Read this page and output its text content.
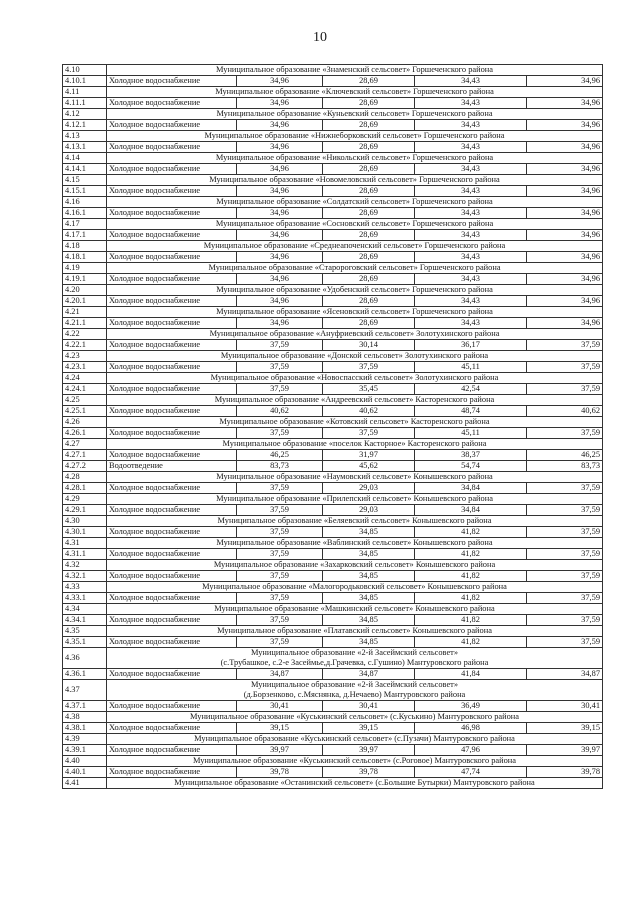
10
4.10	Муниципальное образование «Знаменский сельсовет» Горшеченского района				
4.10.1	Холодное водоснабжение	34,96	28,69	34,43	34,96
4.11	Муниципальное образование «Ключевский сельсовет» Горшеченского района				
4.11.1	Холодное водоснабжение	34,96	28,69	34,43	34,96
4.12	Муниципальное образование «Куньевский сельсовет» Горшеченского района				
4.12.1	Холодное водоснабжение	34,96	28,69	34,43	34,96
4.13	Муниципальное образование «Нижнеборковский сельсовет» Горшеченского района				
4.13.1	Холодное водоснабжение	34,96	28,69	34,43	34,96
4.14	Муниципальное образование «Никольский сельсовет» Горшеченского района				
4.14.1	Холодное водоснабжение	34,96	28,69	34,43	34,96
4.15	Муниципальное образование «Новомеловский сельсовет» Горшеченского района				
4.15.1	Холодное водоснабжение	34,96	28,69	34,43	34,96
4.16	Муниципальное образование «Солдатский сельсовет» Горшеченского района				
4.16.1	Холодное водоснабжение	34,96	28,69	34,43	34,96
4.17	Муниципальное образование «Сосновский сельсовет» Горшеченского района				
4.17.1	Холодное водоснабжение	34,96	28,69	34,43	34,96
4.18	Муниципальное образование «Среднеапоченский сельсовет» Горшеченского района				
4.18.1	Холодное водоснабжение	34,96	28,69	34,43	34,96
4.19	Муниципальное образование «Старороговский сельсовет» Горшеченского района				
4.19.1	Холодное водоснабжение	34,96	28,69	34,43	34,96
4.20	Муниципальное образование «Удобенский сельсовет» Горшеченского района				
4.20.1	Холодное водоснабжение	34,96	28,69	34,43	34,96
4.21	Муниципальное образование «Ясеновский сельсовет» Горшеченского района				
4.21.1	Холодное водоснабжение	34,96	28,69	34,43	34,96
4.22	Муниципальное образование «Ануфриевский сельсовет» Золотухинского района				
4.22.1	Холодное водоснабжение	37,59	30,14	36,17	37,59
4.23	Муниципальное образование «Донской сельсовет» Золотухинского района				
4.23.1	Холодное водоснабжение	37,59	37,59	45,11	37,59
4.24	Муниципальное образование «Новоспасский сельсовет» Золотухинского района				
4.24.1	Холодное водоснабжение	37,59	35,45	42,54	37,59
4.25	Муниципальное образование «Андреевский сельсовет» Касторенского района				
4.25.1	Холодное водоснабжение	40,62	40,62	48,74	40,62
4.26	Муниципальное образование «Котовский сельсовет» Касторенского района				
4.26.1	Холодное водоснабжение	37,59	37,59	45,11	37,59
4.27	Муниципальное образование «поселок Касторное» Касторенского района				
4.27.1	Холодное водоснабжение	46,25	31,97	38,37	46,25
4.27.2	Водоотведение	83,73	45,62	54,74	83,73
4.28	Муниципальное образование «Наумовский сельсовет» Конышевского района				
4.28.1	Холодное водоснабжение	37,59	29,03	34,84	37,59
4.29	Муниципальное образование «Прилепский сельсовет» Конышевского района				
4.29.1	Холодное водоснабжение	37,59	29,03	34,84	37,59
4.30	Муниципальное образование «Беляевский сельсовет» Конышевского района				
4.30.1	Холодное водоснабжение	37,59	34,85	41,82	37,59
4.31	Муниципальное образование «Ваблинский сельсовет» Конышевского района				
4.31.1	Холодное водоснабжение	37,59	34,85	41,82	37,59
4.32	Муниципальное образование «Захарковский сельсовет» Конышевского района				
4.32.1	Холодное водоснабжение	37,59	34,85	41,82	37,59
4.33	Муниципальное образование «Малогородьковский сельсовет» Конышевского района				
4.33.1	Холодное водоснабжение	37,59	34,85	41,82	37,59
4.34	Муниципальное образование «Машкинский сельсовет» Конышевского района				
4.34.1	Холодное водоснабжение	37,59	34,85	41,82	37,59
4.35	Муниципальное образование «Платавский сельсовет» Конышевского района				
4.35.1	Холодное водоснабжение	37,59	34,85	41,82	37,59
4.36	Муниципальное образование «2-й Засеймский сельсовет»
(с.Трубашкое, с.2-е Засеймье,д.Грачевка, с.Гушино) Мантуровского района				

4.36.1	Холодное водоснабжение	34,87	34,87	41,84	34,87
4.37	Муниципальное образование «2-й Засеймский сельсовет»
(д.Борзенково, с.Мяснянка, д.Нечаево) Мантуровского района				

4.37.1	Холодное водоснабжение	30,41	30,41	36,49	30,41
4.38	Муниципальное образование «Куськинский сельсовет» (с.Куськино) Мантуровского района				
4.38.1	Холодное водоснабжение	39,15	39,15	46,98	39,15
4.39	Муниципальное образование «Куськинский сельсовет» (с.Пузачи) Мантуровского района				
4.39.1	Холодное водоснабжение	39,97	39,97	47,96	39,97
4.40	Муниципальное образование «Куськинский сельсовет» (с.Роговое) Мантуровского района				
4.40.1	Холодное водоснабжение	39,78	39,78	47,74	39,78
4.41	Муниципальное образование «Останинский сельсовет» (с.Большие Бутырки) Мантуровского района				
